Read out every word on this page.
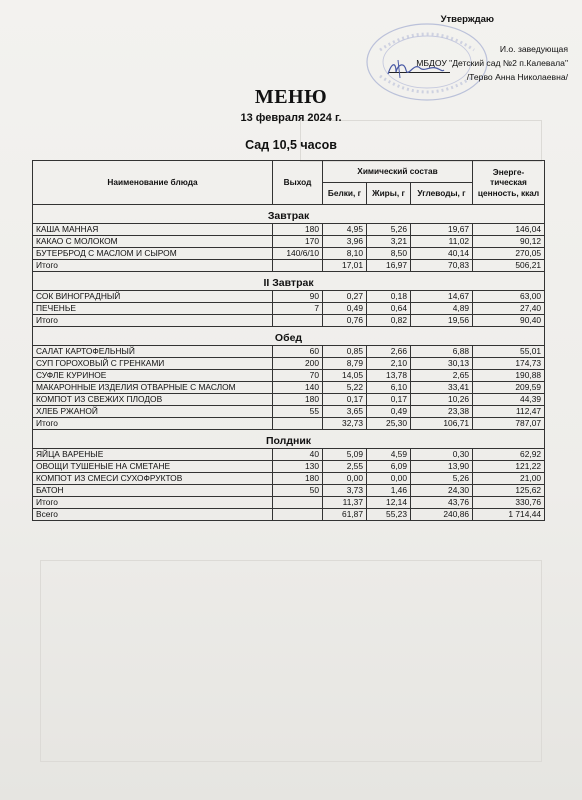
Утверждаю
И.о. заведующая
МБДОУ "Детский сад №2 п.Калевала"
/Терво Анна Николаевна/
МЕНЮ
13 февраля 2024 г.
Сад 10,5 часов
Наименование блюда	Выход	Химический состав			Энерге-тическая ценность, ккал
		Белки, г	Жиры, г	Углеводы, г	
Завтрак					
КАША МАННАЯ	180	4,95	5,26	19,67	146,04
КАКАО С МОЛОКОМ	170	3,96	3,21	11,02	90,12
БУТЕРБРОД С МАСЛОМ И СЫРОМ	140/6/10	8,10	8,50	40,14	270,05
Итого		17,01	16,97	70,83	506,21
II Завтрак					
СОК ВИНОГРАДНЫЙ	90	0,27	0,18	14,67	63,00
ПЕЧЕНЬЕ	7	0,49	0,64	4,89	27,40
Итого		0,76	0,82	19,56	90,40
Обед					
САЛАТ КАРТОФЕЛЬНЫЙ	60	0,85	2,66	6,88	55,01
СУП ГОРОХОВЫЙ С ГРЕНКАМИ	200	8,79	2,10	30,13	174,73
СУФЛЕ КУРИНОЕ	70	14,05	13,78	2,65	190,88
МАКАРОННЫЕ ИЗДЕЛИЯ ОТВАРНЫЕ С МАСЛОМ	140	5,22	6,10	33,41	209,59
КОМПОТ ИЗ СВЕЖИХ ПЛОДОВ	180	0,17	0,17	10,26	44,39
ХЛЕБ РЖАНОЙ	55	3,65	0,49	23,38	112,47
Итого		32,73	25,30	106,71	787,07
Полдник					
ЯЙЦА ВАРЕНЫЕ	40	5,09	4,59	0,30	62,92
ОВОЩИ ТУШЕНЫЕ НА СМЕТАНЕ	130	2,55	6,09	13,90	121,22
КОМПОТ ИЗ СМЕСИ СУХОФРУКТОВ	180	0,00	0,00	5,26	21,00
БАТОН	50	3,73	1,46	24,30	125,62
Итого		11,37	12,14	43,76	330,76
Всего		61,87	55,23	240,86	1 714,44
